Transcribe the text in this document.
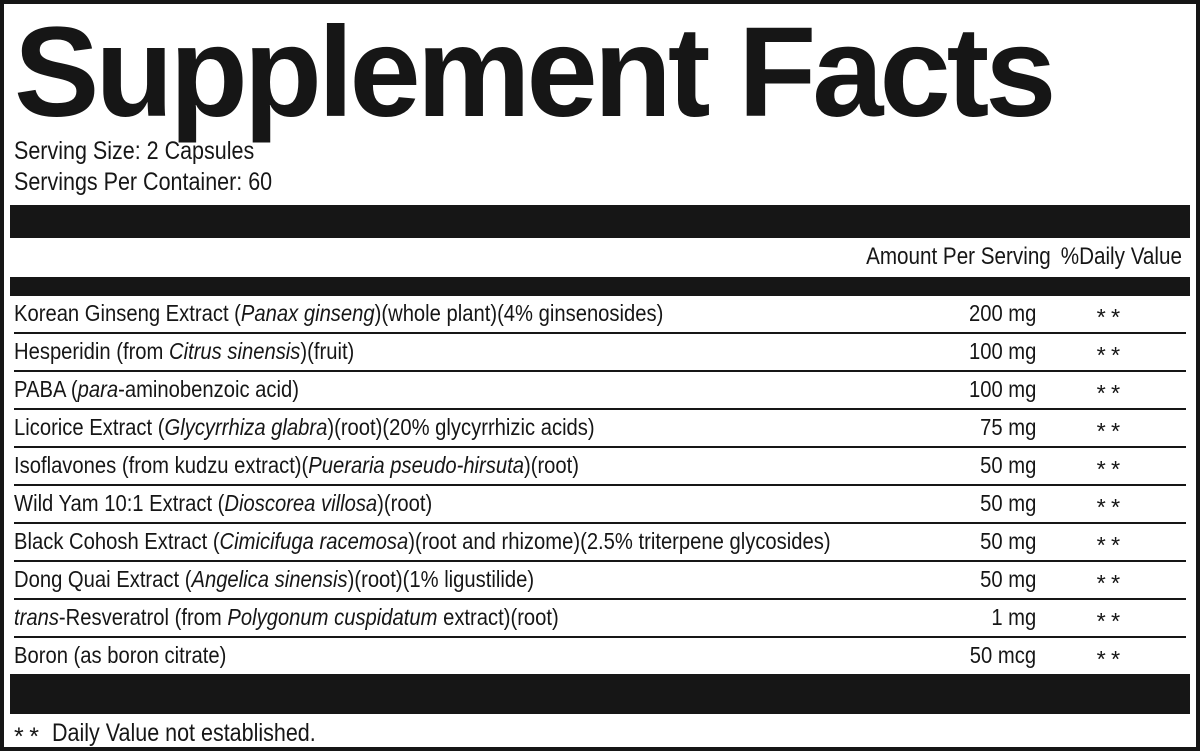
Supplement Facts
Serving Size: 2 Capsules
Servings Per Container: 60
Amount Per Serving %Daily Value
Korean Ginseng Extract (Panax ginseng)(whole plant)(4% ginsenosides)	200 mg	**
Hesperidin (from Citrus sinensis)(fruit)	100 mg	**
PABA (para-aminobenzoic acid)	100 mg	**
Licorice Extract (Glycyrrhiza glabra)(root)(20% glycyrrhizic acids)	75 mg	**
Isoflavones (from kudzu extract)(Pueraria pseudo-hirsuta)(root)	50 mg	**
Wild Yam 10:1 Extract (Dioscorea villosa)(root)	50 mg	**
Black Cohosh Extract (Cimicifuga racemosa)(root and rhizome)(2.5% triterpene glycosides)	50 mg	**
Dong Quai Extract (Angelica sinensis)(root)(1% ligustilide)	50 mg	**
trans-Resveratrol (from Polygonum cuspidatum extract)(root)	1 mg	**
Boron (as boron citrate)	50 mcg	**
** Daily Value not established.
